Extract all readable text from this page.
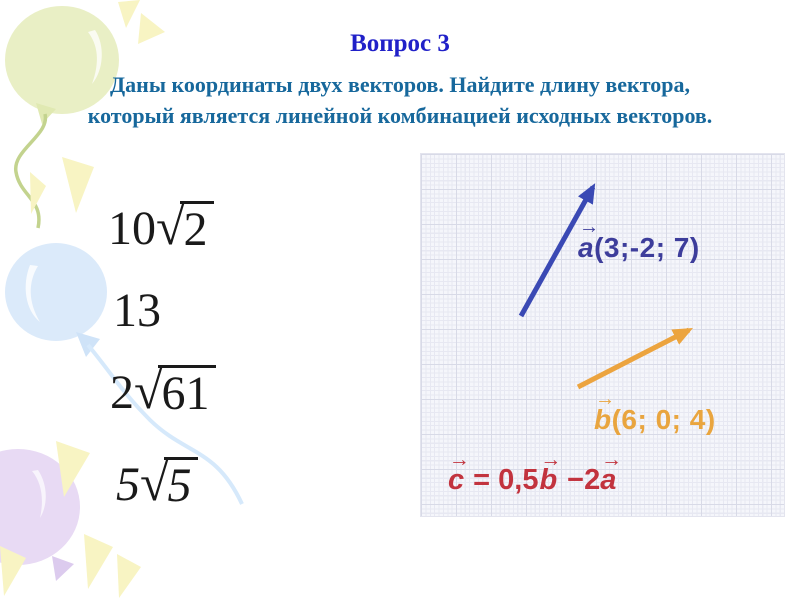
Вопрос 3
Даны координаты двух векторов. Найдите длину вектора,
который является линейной комбинацией исходных векторов.
10√2
13
2√61
5√5
→
a(3;-2; 7)
→
b(6; 0; 4)
→
c = 0,5
→
b −2
→
a
